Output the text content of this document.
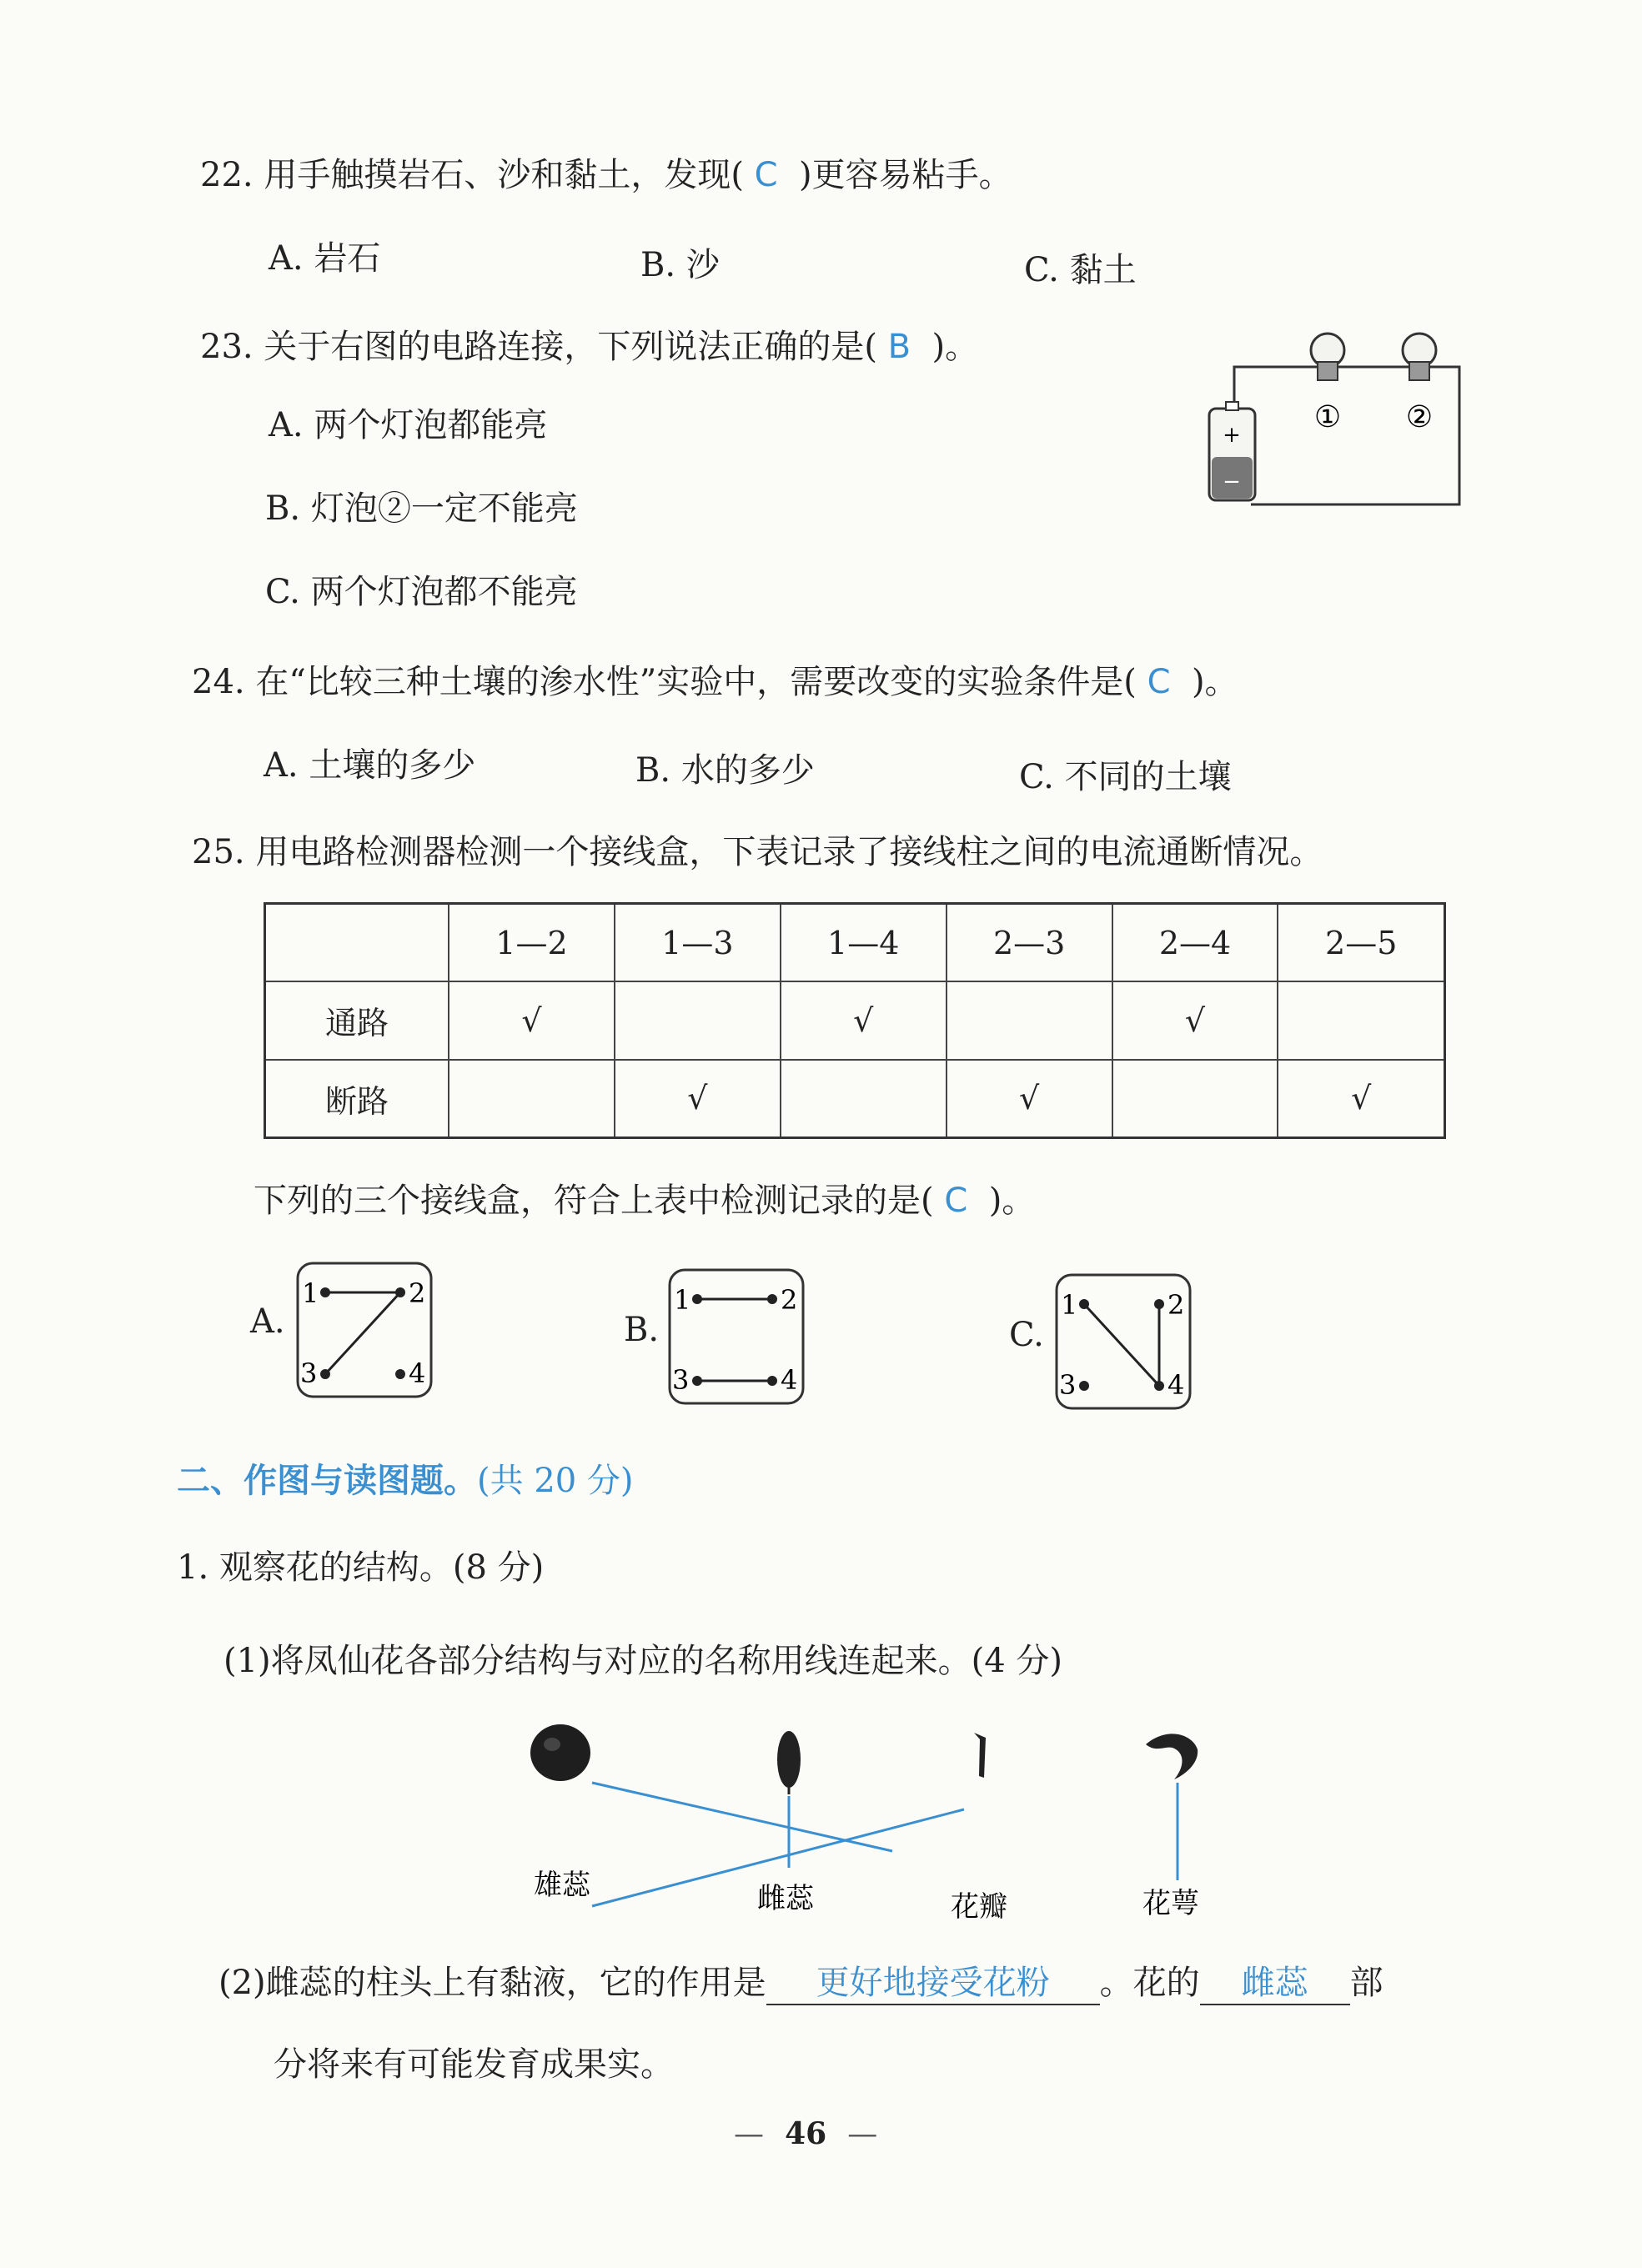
22. 用手触摸岩石、沙和黏土，发现( C )更容易粘手。
A. 岩石	B. 沙	C. 黏土
23. 关于右图的电路连接，下列说法正确的是( B )。
A. 两个灯泡都能亮
B. 灯泡②一定不能亮
C. 两个灯泡都不能亮
+
−
① ②
24. 在“比较三种土壤的渗水性”实验中，需要改变的实验条件是( C )。
A. 土壤的多少	B. 水的多少	C. 不同的土壤
25. 用电路检测器检测一个接线盒，下表记录了接线柱之间的电流通断情况。
	1—2	1—3	1—4	2—3	2—4	2—5
通路	√		√		√	
断路		√		√		√
下列的三个接线盒，符合上表中检测记录的是( C )。
A.
1	2
3	4
B.
1	2
3	4
C.
1	2
3	4
二、作图与读图题。(共 20 分)
1. 观察花的结构。(8 分)
(1)将凤仙花各部分结构与对应的名称用线连起来。(4 分)
雄蕊	雌蕊	花瓣	花萼
(2)雌蕊的柱头上有黏液，它的作用是 更好地接受花粉 。花的 雌蕊 部
分将来有可能发育成果实。
— 46 —
